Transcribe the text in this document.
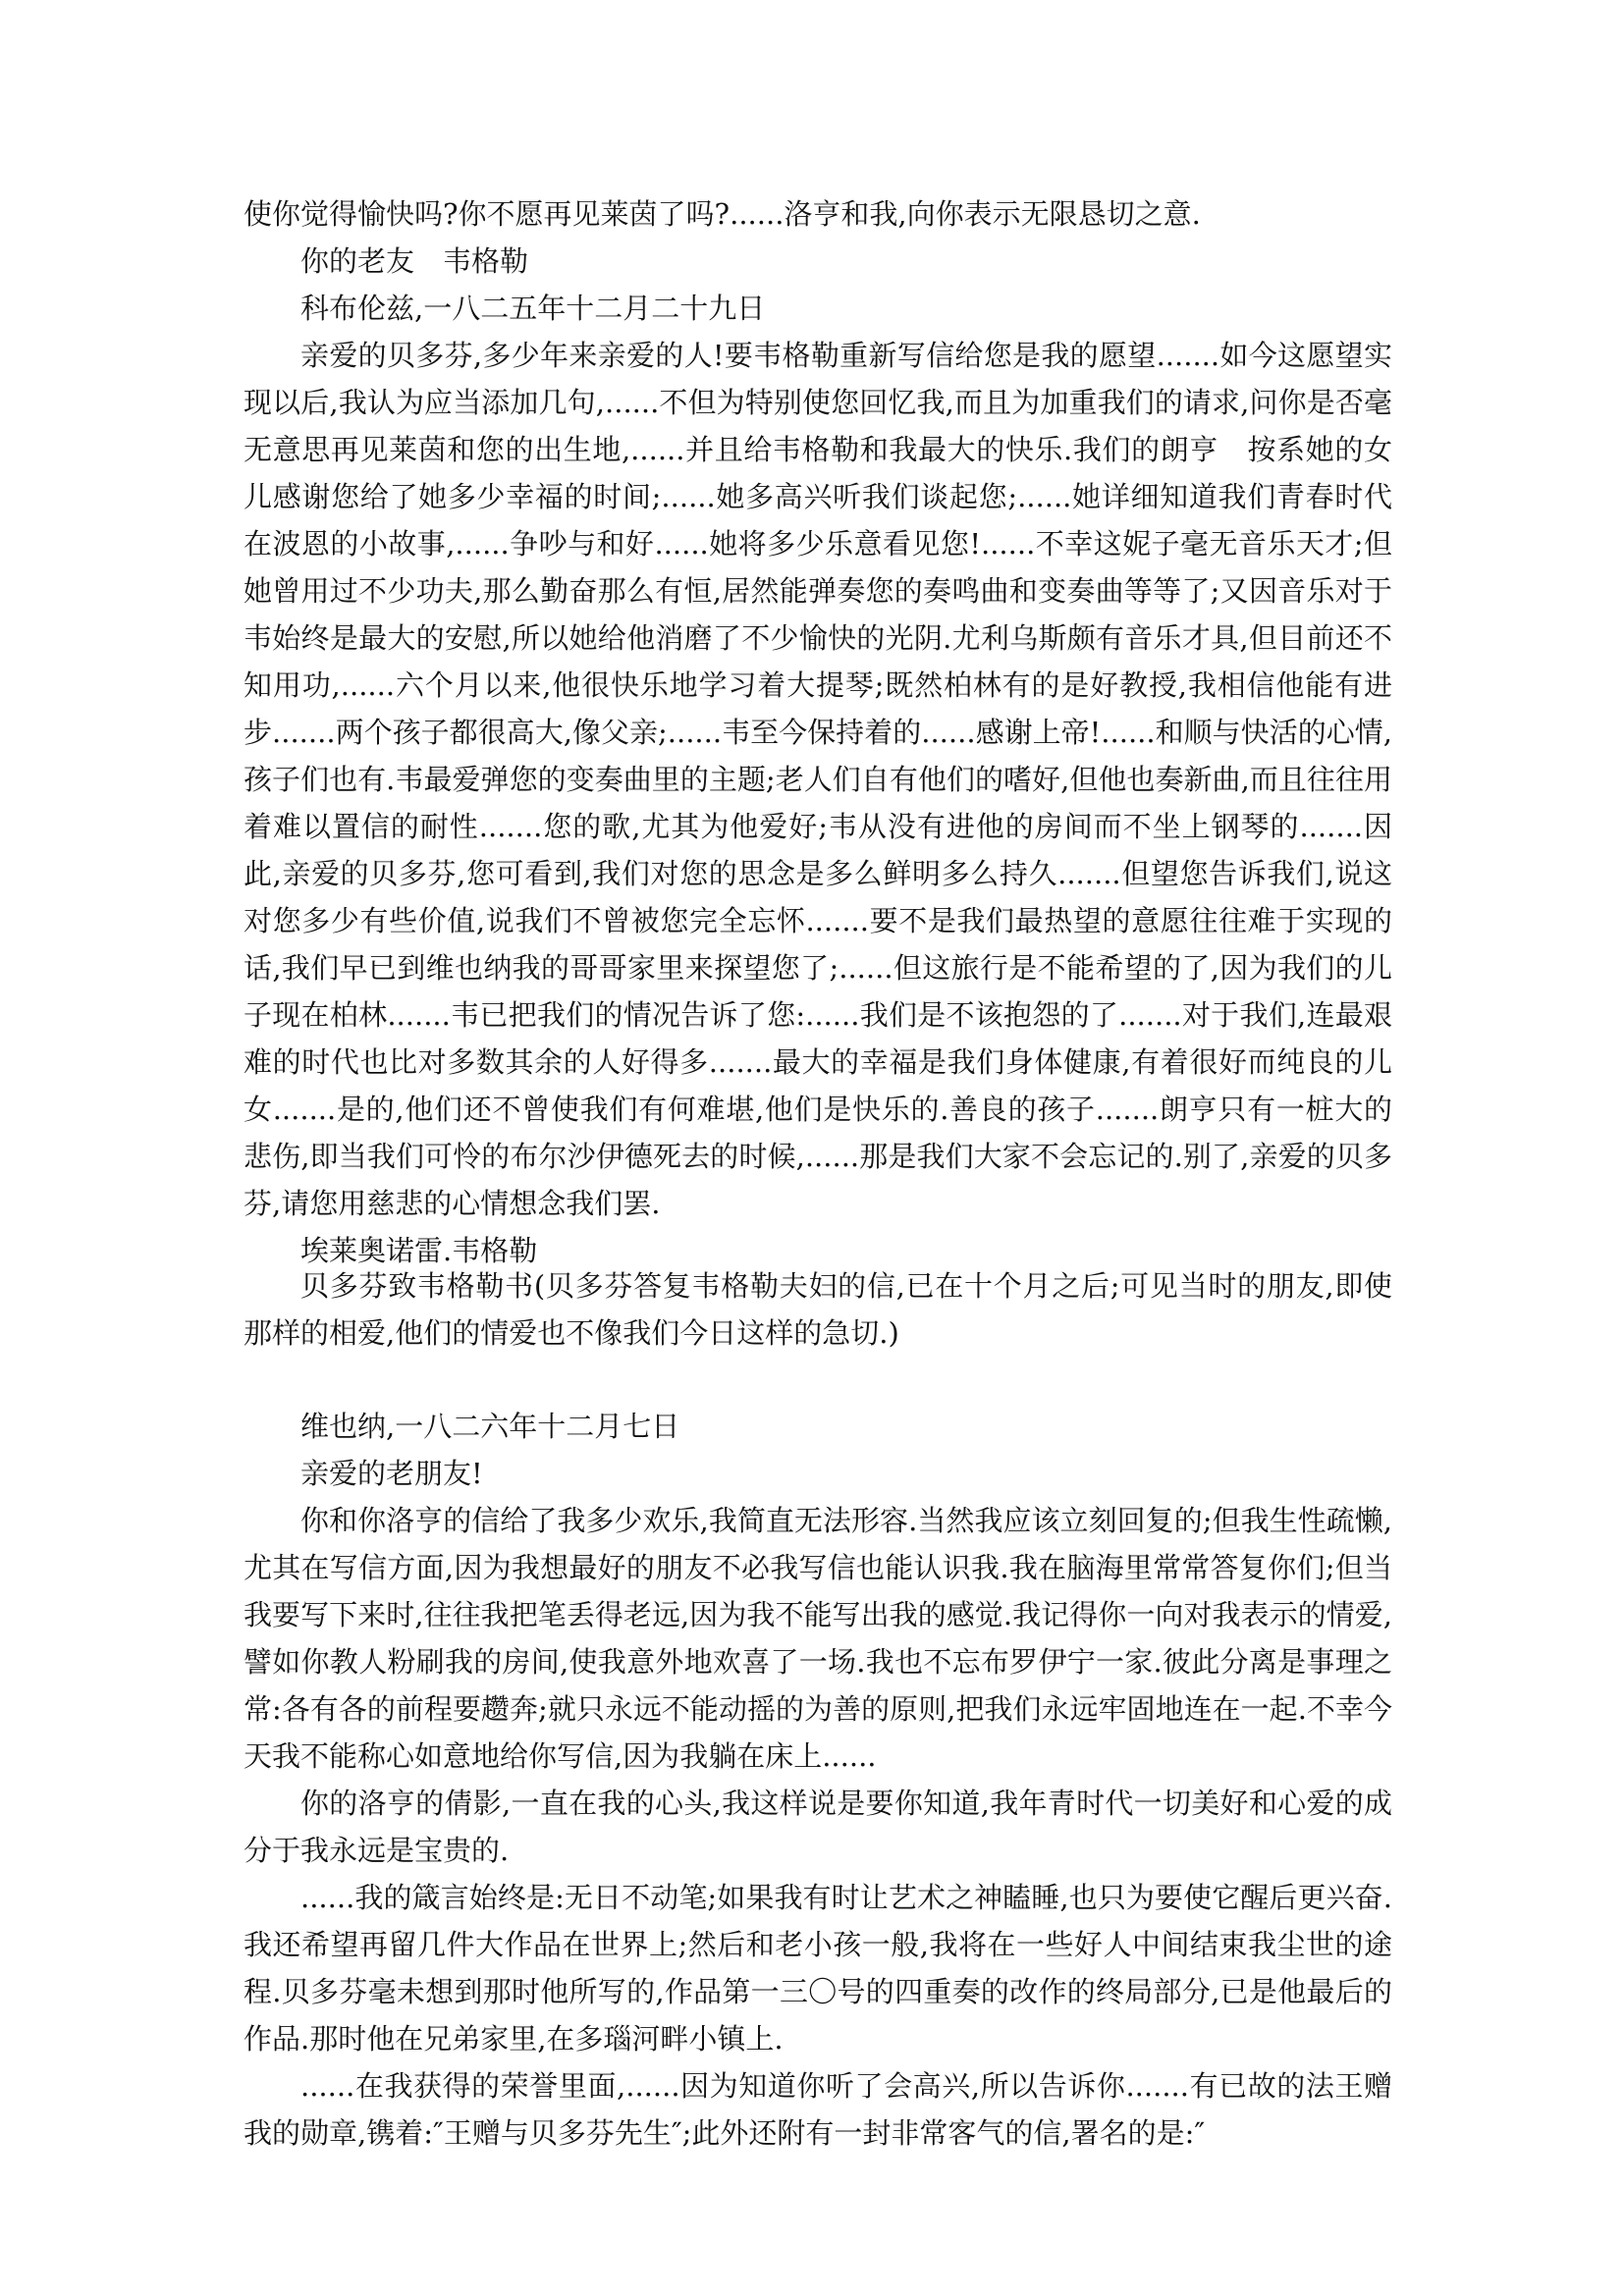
使你觉得愉快吗?你不愿再见莱茵了吗?......洛亨和我,向你表示无限恳切之意.

你的老友　韦格勒

科布伦兹,一八二五年十二月二十九日

亲爱的贝多芬,多少年来亲爱的人!要韦格勒重新写信给您是我的愿望.......如今这愿望实现以后,我认为应当添加几句,......不但为特别使您回忆我,而且为加重我们的请求,问你是否毫无意思再见莱茵和您的出生地,......并且给韦格勒和我最大的快乐.我们的朗亨　按系她的女儿感谢您给了她多少幸福的时间;......她多高兴听我们谈起您;......她详细知道我们青春时代在波恩的小故事,......争吵与和好......她将多少乐意看见您!......不幸这妮子毫无音乐天才;但她曾用过不少功夫,那么勤奋那么有恒,居然能弹奏您的奏鸣曲和变奏曲等等了;又因音乐对于韦始终是最大的安慰,所以她给他消磨了不少愉快的光阴.尤利乌斯颇有音乐才具,但目前还不知用功,......六个月以来,他很快乐地学习着大提琴;既然柏林有的是好教授,我相信他能有进步.......两个孩子都很高大,像父亲;......韦至今保持着的......感谢上帝!......和顺与快活的心情,孩子们也有.韦最爱弹您的变奏曲里的主题;老人们自有他们的嗜好,但他也奏新曲,而且往往用着难以置信的耐性.......您的歌,尤其为他爱好;韦从没有进他的房间而不坐上钢琴的.......因此,亲爱的贝多芬,您可看到,我们对您的思念是多么鲜明多么持久.......但望您告诉我们,说这对您多少有些价值,说我们不曾被您完全忘怀.......要不是我们最热望的意愿往往难于实现的话,我们早已到维也纳我的哥哥家里来探望您了;......但这旅行是不能希望的了,因为我们的儿子现在柏林.......韦已把我们的情况告诉了您:......我们是不该抱怨的了.......对于我们,连最艰难的时代也比对多数其余的人好得多.......最大的幸福是我们身体健康,有着很好而纯良的儿女.......是的,他们还不曾使我们有何难堪,他们是快乐的.善良的孩子.......朗亨只有一桩大的悲伤,即当我们可怜的布尔沙伊德死去的时候,......那是我们大家不会忘记的.别了,亲爱的贝多芬,请您用慈悲的心情想念我们罢.

埃莱奥诺雷.韦格勒

贝多芬致韦格勒书(贝多芬答复韦格勒夫妇的信,已在十个月之后;可见当时的朋友,即使那样的相爱,他们的情爱也不像我们今日这样的急切.)

维也纳,一八二六年十二月七日

亲爱的老朋友!

你和你洛亨的信给了我多少欢乐,我简直无法形容.当然我应该立刻回复的;但我生性疏懒,尤其在写信方面,因为我想最好的朋友不必我写信也能认识我.我在脑海里常常答复你们;但当我要写下来时,往往我把笔丢得老远,因为我不能写出我的感觉.我记得你一向对我表示的情爱,譬如你教人粉刷我的房间,使我意外地欢喜了一场.我也不忘布罗伊宁一家.彼此分离是事理之常:各有各的前程要趱奔;就只永远不能动摇的为善的原则,把我们永远牢固地连在一起.不幸今天我不能称心如意地给你写信,因为我躺在床上......

你的洛亨的倩影,一直在我的心头,我这样说是要你知道,我年青时代一切美好和心爱的成分于我永远是宝贵的.

......我的箴言始终是:无日不动笔;如果我有时让艺术之神瞌睡,也只为要使它醒后更兴奋.我还希望再留几件大作品在世界上;然后和老小孩一般,我将在一些好人中间结束我尘世的途程.贝多芬毫未想到那时他所写的,作品第一三〇号的四重奏的改作的终局部分,已是他最后的作品.那时他在兄弟家里,在多瑙河畔小镇上.

......在我获得的荣誉里面,......因为知道你听了会高兴,所以告诉你.......有已故的法王赠我的勋章,镌着:″王赠与贝多芬先生″;此外还附有一封非常客气的信,署名的是:″
